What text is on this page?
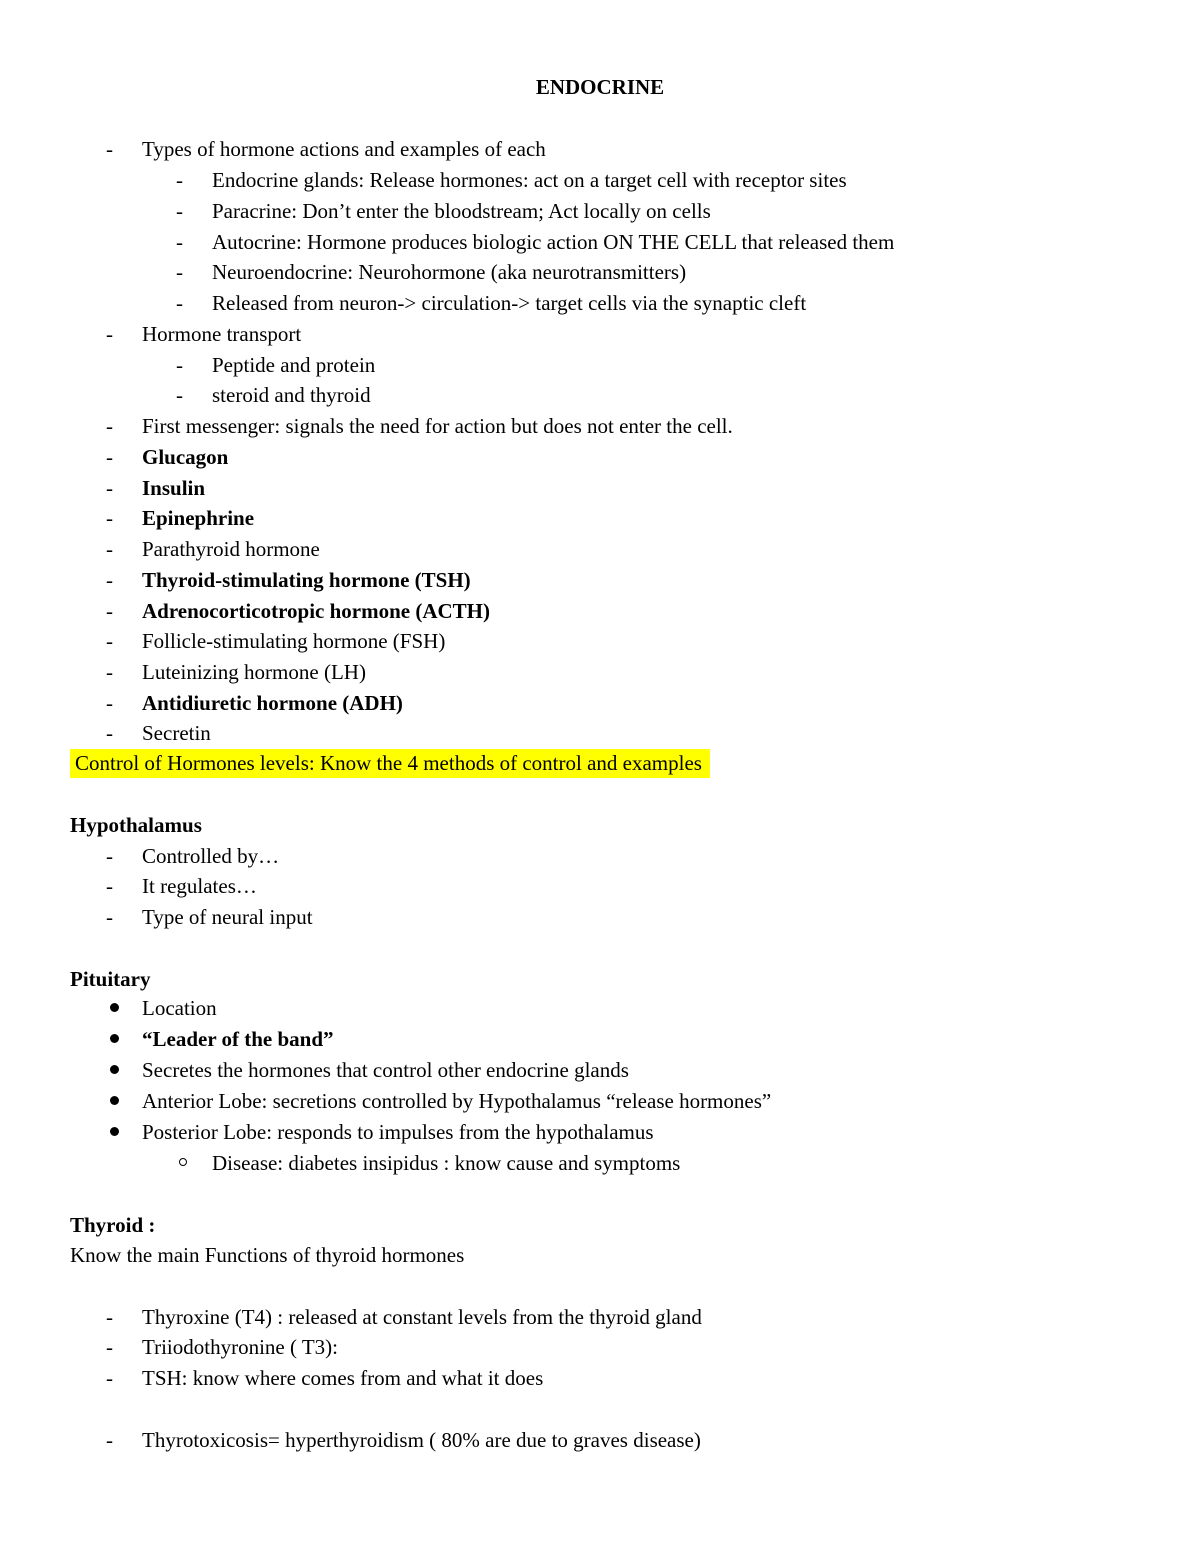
ENDOCRINE
- Types of hormone actions and examples of each
- Endocrine glands: Release hormones: act on a target cell with receptor sites
- Paracrine: Don’t enter the bloodstream; Act locally on cells
- Autocrine: Hormone produces biologic action ON THE CELL that released them
- Neuroendocrine: Neurohormone (aka neurotransmitters)
- Released from neuron-> circulation-> target cells via the synaptic cleft
- Hormone transport
- Peptide and protein
- steroid and thyroid
- First messenger: signals the need for action but does not enter the cell.
- Glucagon
- Insulin
- Epinephrine
- Parathyroid hormone
- Thyroid-stimulating hormone (TSH)
- Adrenocorticotropic hormone (ACTH)
- Follicle-stimulating hormone (FSH)
- Luteinizing hormone (LH)
- Antidiuretic hormone (ADH)
- Secretin
Control of Hormones levels: Know the 4 methods of control and examples
Hypothalamus
- Controlled by…
- It regulates…
- Type of neural input
Pituitary
Location
“Leader of the band”
Secretes the hormones that control other endocrine glands
Anterior Lobe: secretions controlled by Hypothalamus “release hormones”
Posterior Lobe: responds to impulses from the hypothalamus
Disease: diabetes insipidus : know cause and symptoms
Thyroid :
Know the main Functions of thyroid hormones
- Thyroxine (T4) : released at constant levels from the thyroid gland
- Triiodothyronine ( T3):
- TSH: know where comes from and what it does
- Thyrotoxicosis= hyperthyroidism ( 80% are due to graves disease)
